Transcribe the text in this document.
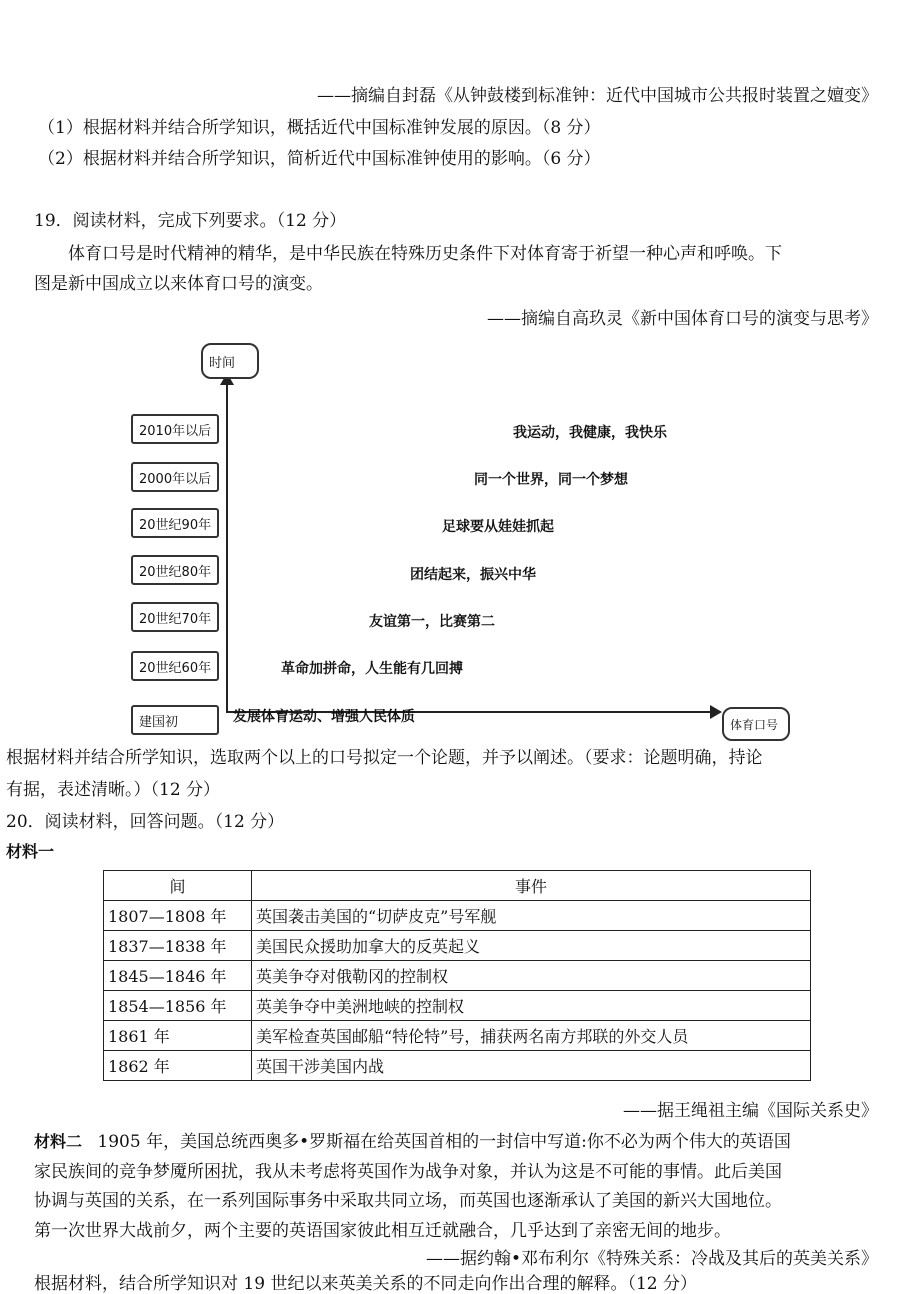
——摘编自封磊《从钟鼓楼到标准钟：近代中国城市公共报时装置之嬗变》
（1）根据材料并结合所学知识，概括近代中国标准钟发展的原因。（8 分）
（2）根据材料并结合所学知识，简析近代中国标准钟使用的影响。（6 分）
19．阅读材料，完成下列要求。（12 分）
体育口号是时代精神的精华，是中华民族在特殊历史条件下对体育寄于祈望一种心声和呼唤。下
图是新中国成立以来体育口号的演变。
——摘编自高玖灵《新中国体育口号的演变与思考》
时间
体育口号
2010年以后
2000年以后
20世纪90年
20世纪80年
20世纪70年
20世纪60年
建国初
我运动，我健康，我快乐
同一个世界，同一个梦想
足球要从娃娃抓起
团结起来，振兴中华
友谊第一，比赛第二
革命加拼命，人生能有几回搏
发展体育运动、增强人民体质
根据材料并结合所学知识，选取两个以上的口号拟定一个论题，并予以阐述。（要求：论题明确，持论
有据，表述清晰。）（12 分）
20．阅读材料，回答问题。（12 分）
材料一
间	事件
1807—1808 年	英国袭击美国的“切萨皮克”号军舰
1837—1838 年	美国民众援助加拿大的反英起义
1845—1846 年	英美争夺对俄勒冈的控制权
1854—1856 年	英美争夺中美洲地峡的控制权
1861 年	美军检查英国邮船“特伦特”号，捕获两名南方邦联的外交人员
1862 年	英国干涉美国内战
——据王绳祖主编《国际关系史》
材料二 1905 年，美国总统西奥多•罗斯福在给英国首相的一封信中写道:你不必为两个伟大的英语国
家民族间的竞争梦魇所困扰，我从未考虑将英国作为战争对象，并认为这是不可能的事情。此后美国
协调与英国的关系，在一系列国际事务中采取共同立场，而英国也逐渐承认了美国的新兴大国地位。
第一次世界大战前夕，两个主要的英语国家彼此相互迁就融合，几乎达到了亲密无间的地步。
——据约翰•邓布利尔《特殊关系：冷战及其后的英美关系》
根据材料，结合所学知识对 19 世纪以来英美关系的不同走向作出合理的解释。（12 分）
